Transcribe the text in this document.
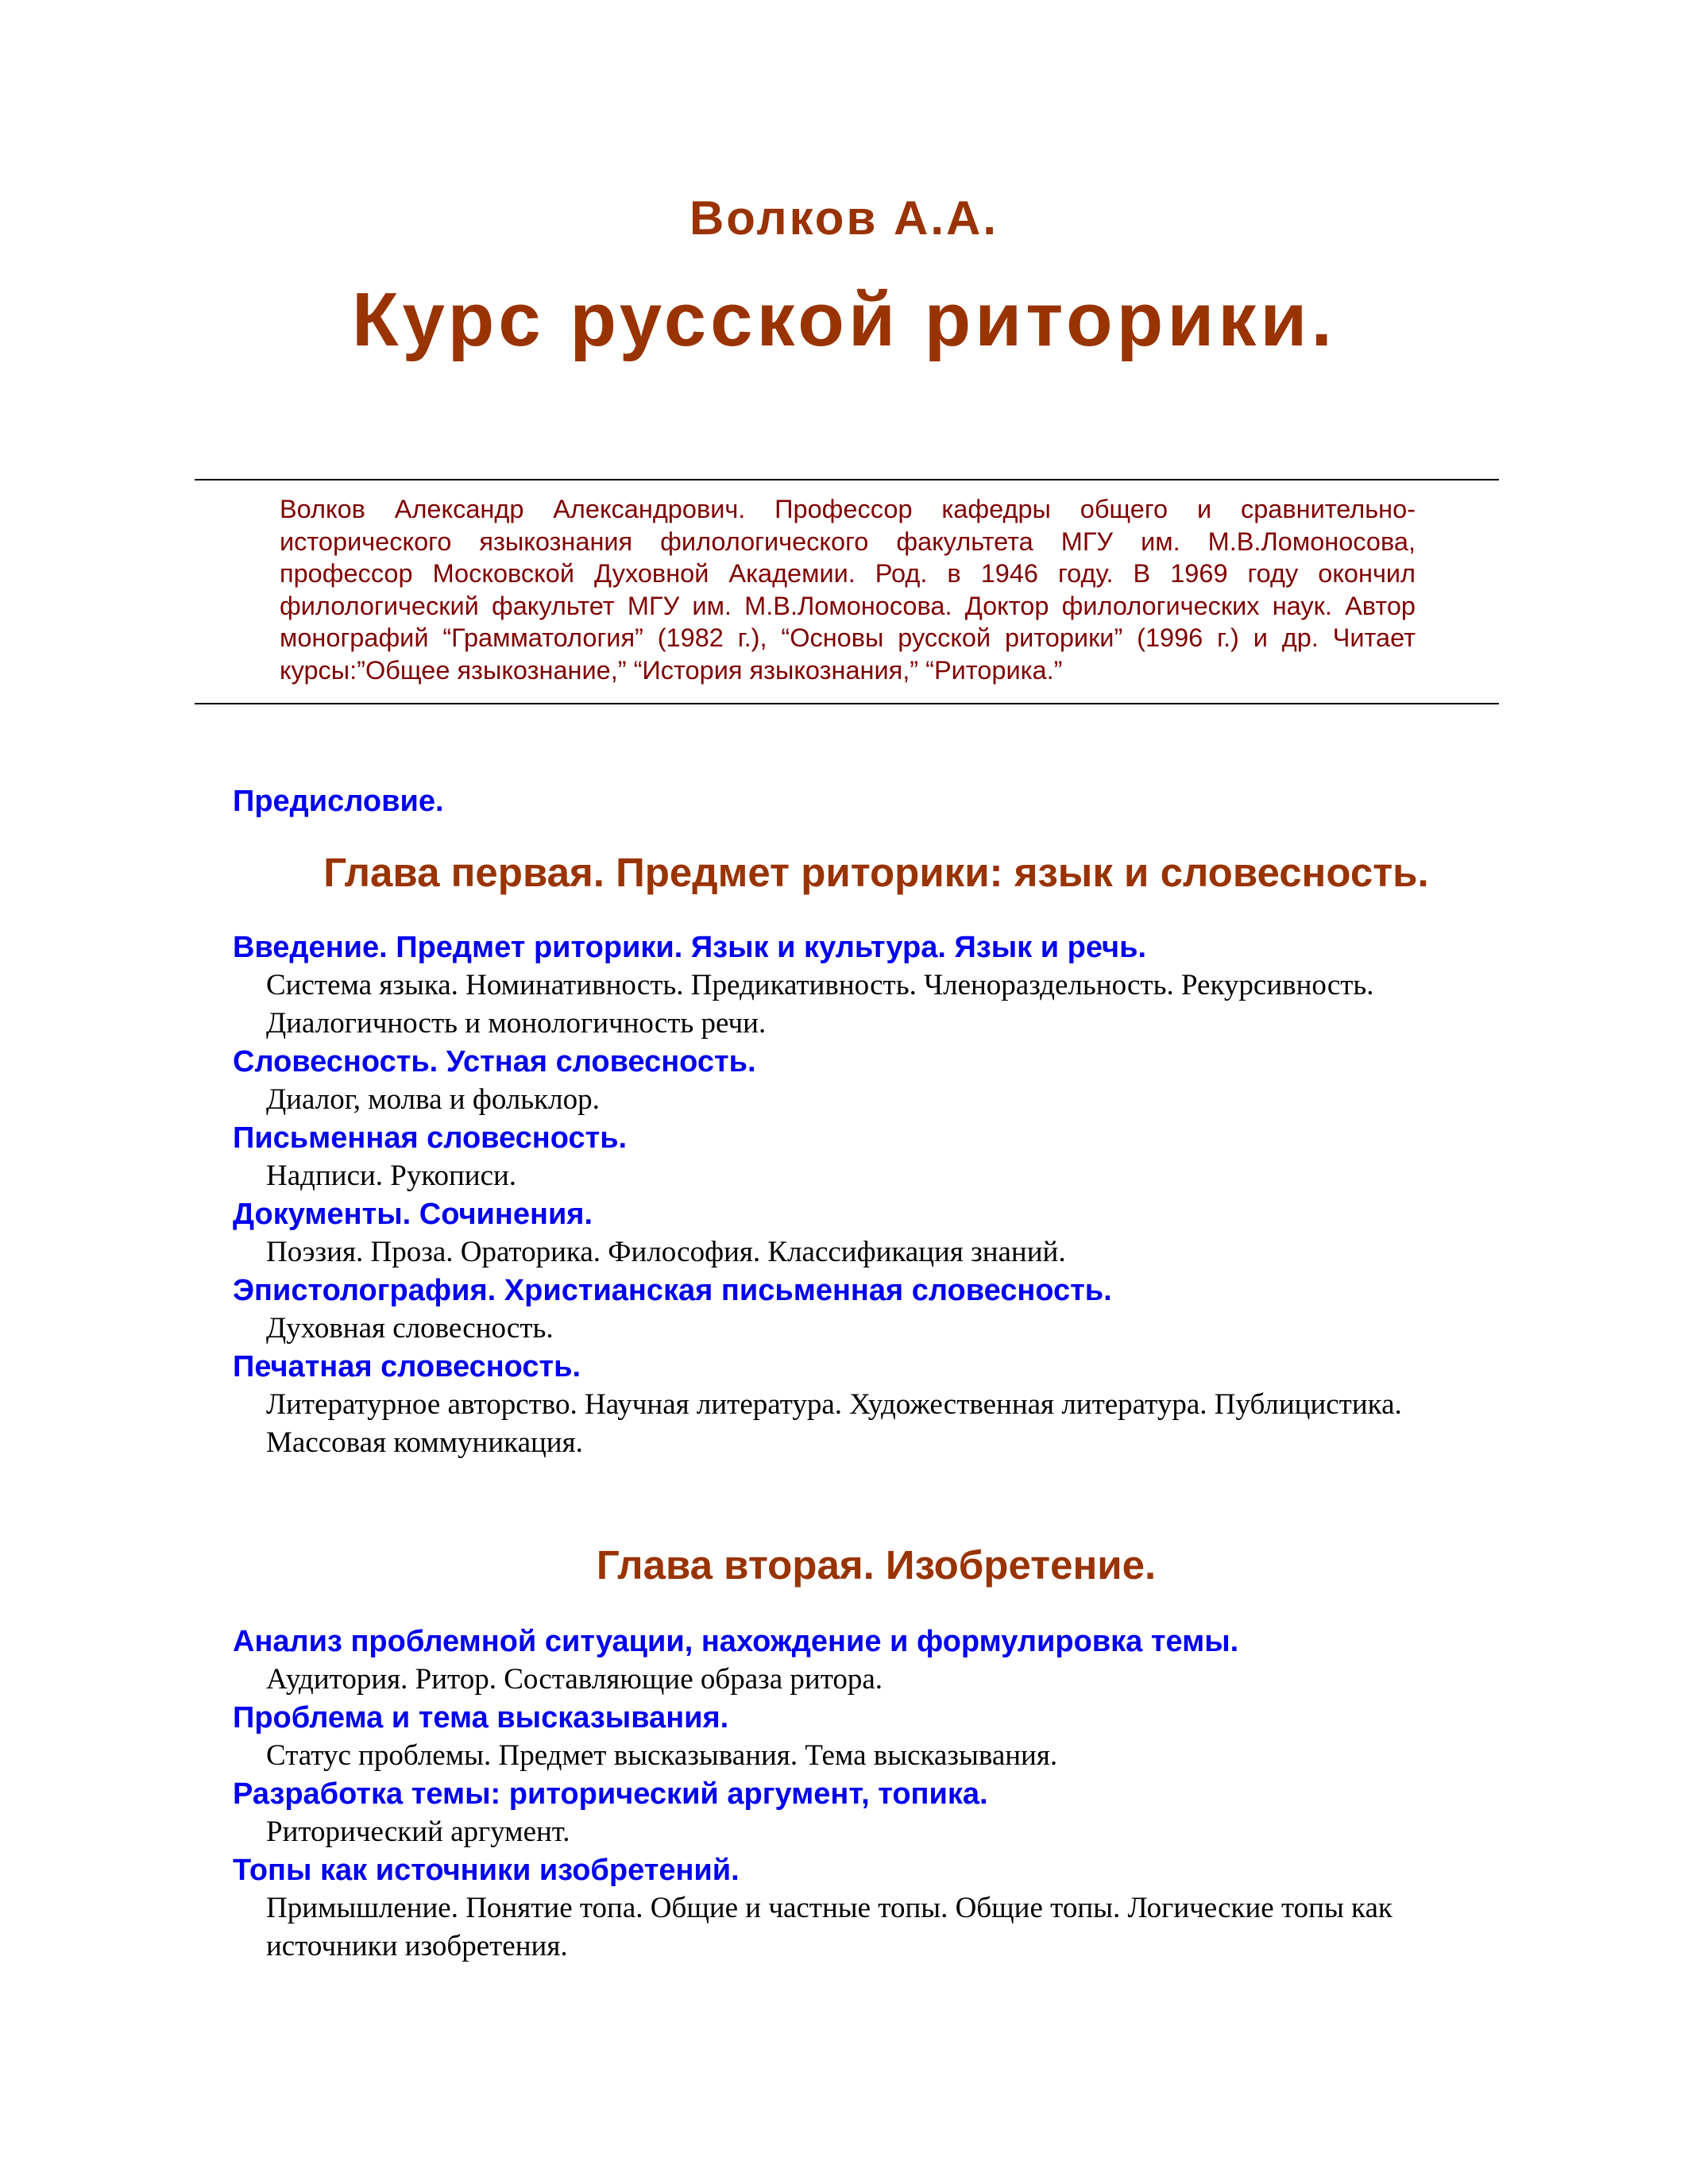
Волков А.А.
Курс русской риторики.
Волков Александр Александрович. Профессор кафедры общего и сравнительно-исторического языкознания филологического факультета МГУ им. М.В.Ломоносова, профессор Московской Духовной Академии. Род. в 1946 году. В 1969 году окончил филологический факультет МГУ им. М.В.Ломоносова. Доктор филологических наук. Автор монографий “Грамматология” (1982 г.), “Основы русской риторики” (1996 г.) и др. Читает курсы:”Общее языкознание,” “История языкознания,” “Риторика.”
Предисловие.
Глава первая. Предмет риторики: язык и словесность.
Введение. Предмет риторики. Язык и культура. Язык и речь.
Система языка. Номинативность. Предикативность. Членораздельность. Рекурсивность. Диалогичность и монологичность речи.
Словесность. Устная словесность.
Диалог, молва и фольклор.
Письменная словесность.
Надписи. Рукописи.
Документы. Сочинения.
Поэзия. Проза. Ораторика. Философия. Классификация знаний.
Эпистолография. Христианская письменная словесность.
Духовная словесность.
Печатная словесность.
Литературное авторство. Научная литература. Художественная литература. Публицистика. Массовая коммуникация.
Глава вторая. Изобретение.
Анализ проблемной ситуации, нахождение и формулировка темы.
Аудитория. Ритор. Составляющие образа ритора.
Проблема и тема высказывания.
Статус проблемы. Предмет высказывания. Тема высказывания.
Разработка темы: риторический аргумент, топика.
Риторический аргумент.
Топы как источники изобретений.
Примышление. Понятие топа. Общие и частные топы. Общие топы. Логические топы как источники изобретения.
